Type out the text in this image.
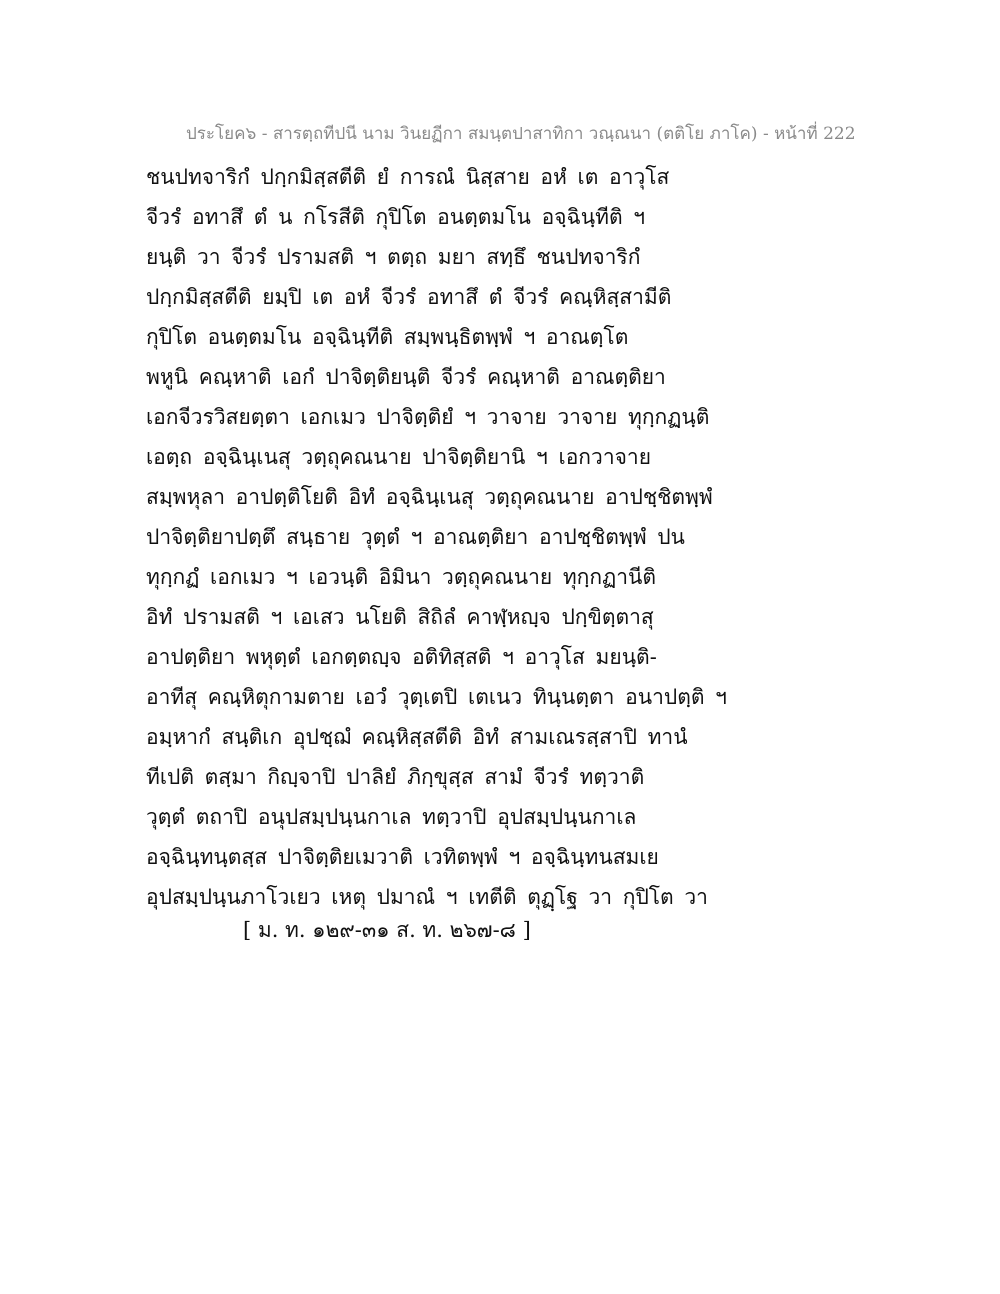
ประโยค๖ - สารตฺถทีปนี นาม วินยฏีกา สมนฺตปาสาทิกา วณฺณนา (ตติโย ภาโค) - หน้าที่ 222
ชนปทจาริกํ ปกฺกมิสฺสตีติ ยํ การณํ นิสฺสาย อหํ เต อาวุโส
จีวรํ อทาสึ ตํ น กโรสีติ กุปิโต อนตฺตมโน อจฺฉินฺทีติ ฯ
ยนฺติ วา จีวรํ ปรามสติ ฯ ตตฺถ มยา สทฺธึ ชนปทจาริกํ
ปกฺกมิสฺสตีติ ยมฺปิ เต อหํ จีวรํ อทาสึ ตํ จีวรํ คณฺหิสฺสามีติ
กุปิโต อนตฺตมโน อจฺฉินฺทีติ สมฺพนฺธิตพฺพํ ฯ อาณตฺโต
พหูนิ คณฺหาติ เอกํ ปาจิตฺติยนฺติ จีวรํ คณฺหาติ อาณตฺติยา
เอกจีวรวิสยตฺตา เอกเมว ปาจิตฺติยํ ฯ วาจาย วาจาย ทุกฺกฏนฺติ
เอตฺถ อจฺฉินฺเนสุ วตฺถุคณนาย ปาจิตฺติยานิ ฯ เอกวาจาย
สมฺพหุลา อาปตฺติโยติ อิทํ อจฺฉินฺเนสุ วตฺถุคณนาย อาปชฺชิตพฺพํ
ปาจิตฺติยาปตฺตึ สนฺธาย วุตฺตํ ฯ อาณตฺติยา อาปชฺชิตพฺพํ ปน
ทุกฺกฏํ เอกเมว ฯ เอวนฺติ อิมินา วตฺถุคณนาย ทุกฺกฏานีติ
อิทํ ปรามสติ ฯ เอเสว นโยติ สิถิลํ คาฬฺหญฺจ ปกฺขิตฺตาสุ
อาปตฺติยา พหุตฺตํ เอกตฺตญฺจ อติทิสฺสติ ฯ อาวุโส มยนฺติ-
อาทีสุ คณฺหิตุกามตาย เอวํ วุตฺเตปิ เตเนว ทินฺนตฺตา อนาปตฺติ ฯ
อมฺหากํ สนฺติเก อุปชฺฌํ คณฺหิสฺสตีติ อิทํ สามเณรสฺสาปิ ทานํ
ทีเปติ ตสฺมา กิญฺจาปิ ปาลิยํ ภิกฺขุสฺส สามํ จีวรํ ทตฺวาติ
วุตฺตํ ตถาปิ อนุปสมฺปนฺนกาเล ทตฺวาปิ อุปสมฺปนฺนกาเล
อจฺฉินฺทนฺตสฺส ปาจิตฺติยเมวาติ เวทิตพฺพํ ฯ อจฺฉินฺทนสมเย
อุปสมฺปนฺนภาโวเยว เหตุ ปมาณํ ฯ เทตีติ ตุฏฺโฐ วา กุปิโต วา
[ ม. ท. ๑๒๙-๓๑ ส. ท. ๒๖๗-๘ ]
